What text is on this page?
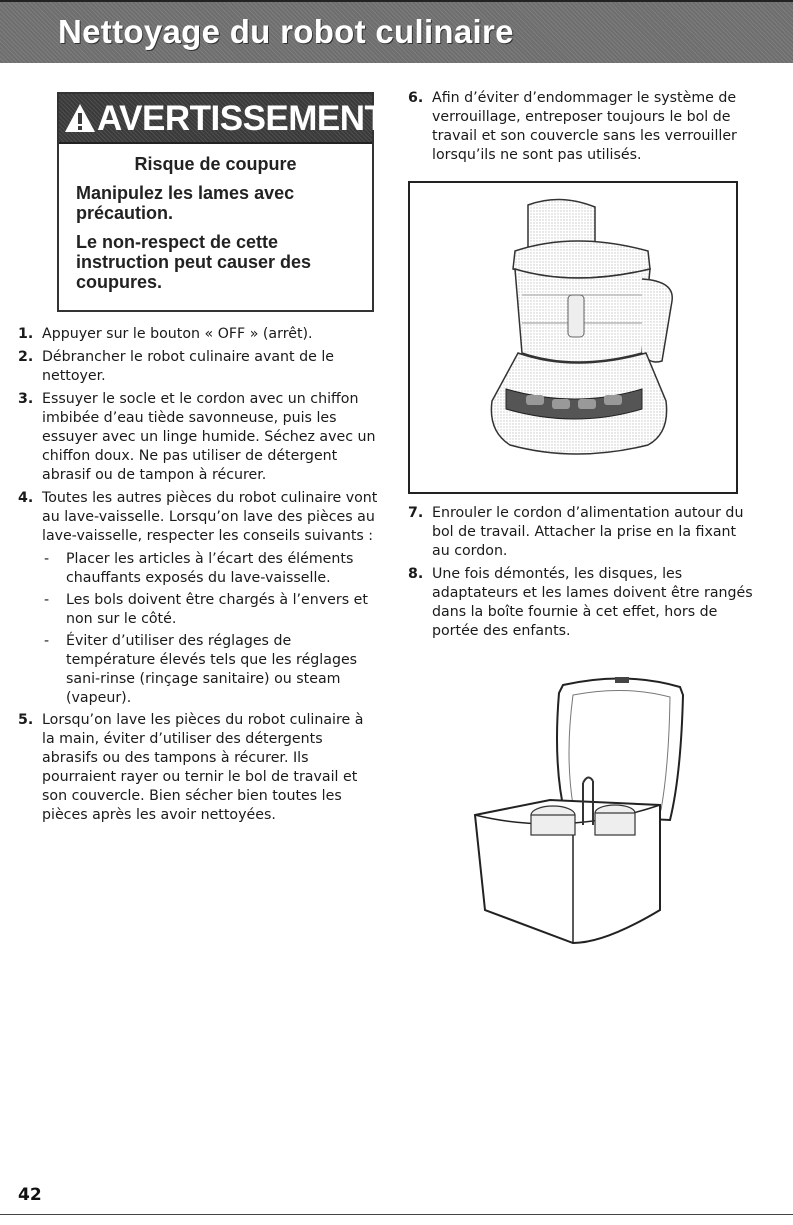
Nettoyage du robot culinaire
AVERTISSEMENT
Risque de coupure
Manipulez les lames avec précaution.
Le non-respect de cette instruction peut causer des coupures.
1. Appuyer sur le bouton « OFF » (arrêt).
2. Débrancher le robot culinaire avant de le nettoyer.
3. Essuyer le socle et le cordon avec un chiffon imbibée d’eau tiède savonneuse, puis les essuyer avec un linge humide. Séchez avec un chiffon doux. Ne pas utiliser de détergent abrasif ou de tampon à récurer.
4. Toutes les autres pièces du robot culinaire vont au lave-vaisselle. Lorsqu’on lave des pièces au lave-vaisselle, respecter les conseils suivants :
- Placer les articles à l’écart des éléments chauffants exposés du lave-vaisselle.
- Les bols doivent être chargés à l’envers et non sur le côté.
- Éviter d’utiliser des réglages de température élevés tels que les réglages sani-rinse (rinçage sanitaire) ou steam (vapeur).
5. Lorsqu’on lave les pièces du robot culinaire à la main, éviter d’utiliser des détergents abrasifs ou des tampons à récurer. Ils pourraient rayer ou ternir le bol de travail et son couvercle. Bien sécher bien toutes les pièces après les avoir nettoyées.
6. Afin d’éviter d’endommager le système de verrouillage, entreposer toujours le bol de travail et son couvercle sans les verrouiller lorsqu’ils ne sont pas utilisés.
7. Enrouler le cordon d’alimentation autour du bol de travail. Attacher la prise en la fixant au cordon.
8. Une fois démontés, les disques, les adaptateurs et les lames doivent être rangés dans la boîte fournie à cet effet, hors de portée des enfants.
42
